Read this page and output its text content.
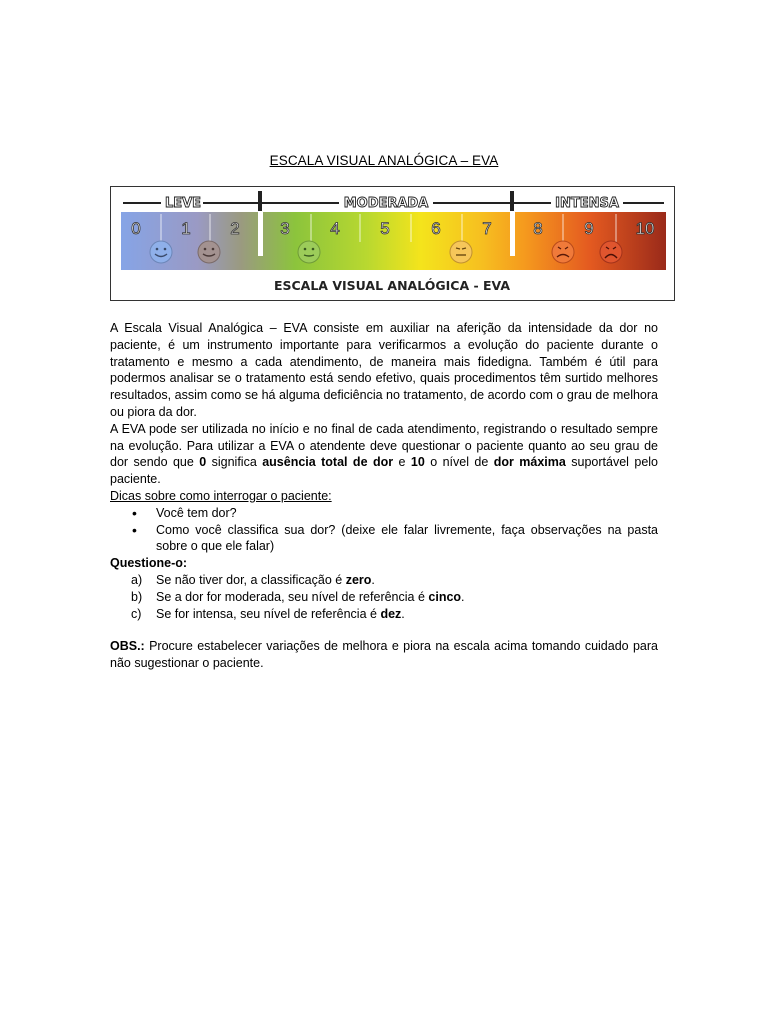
ESCALA VISUAL ANALÓGICA – EVA
LEVE	MODERADA	INTENSA
0 1 2 3 4 5 6 7 8 9 10
ESCALA VISUAL ANALÓGICA - EVA

A Escala Visual Analógica – EVA consiste em auxiliar na aferição da intensidade da dor no paciente, é um instrumento importante para verificarmos a evolução do paciente durante o tratamento e mesmo a cada atendimento, de maneira mais fidedigna. Também é útil para podermos analisar se o tratamento está sendo efetivo, quais procedimentos têm surtido melhores resultados, assim como se há alguma deficiência no tratamento, de acordo com o grau de melhora ou piora da dor.

A EVA pode ser utilizada no início e no final de cada atendimento, registrando o resultado sempre na evolução. Para utilizar a EVA o atendente deve questionar o paciente quanto ao seu grau de dor sendo que 0 significa ausência total de dor e 10 o nível de dor máxima suportável pelo paciente.

Dicas sobre como interrogar o paciente:
• Você tem dor?
• Como você classifica sua dor? (deixe ele falar livremente, faça observações na pasta sobre o que ele falar)
Questione-o:
a) Se não tiver dor, a classificação é zero.
b) Se a dor for moderada, seu nível de referência é cinco.
c) Se for intensa, seu nível de referência é dez.

OBS.: Procure estabelecer variações de melhora e piora na escala acima tomando cuidado para não sugestionar o paciente.
